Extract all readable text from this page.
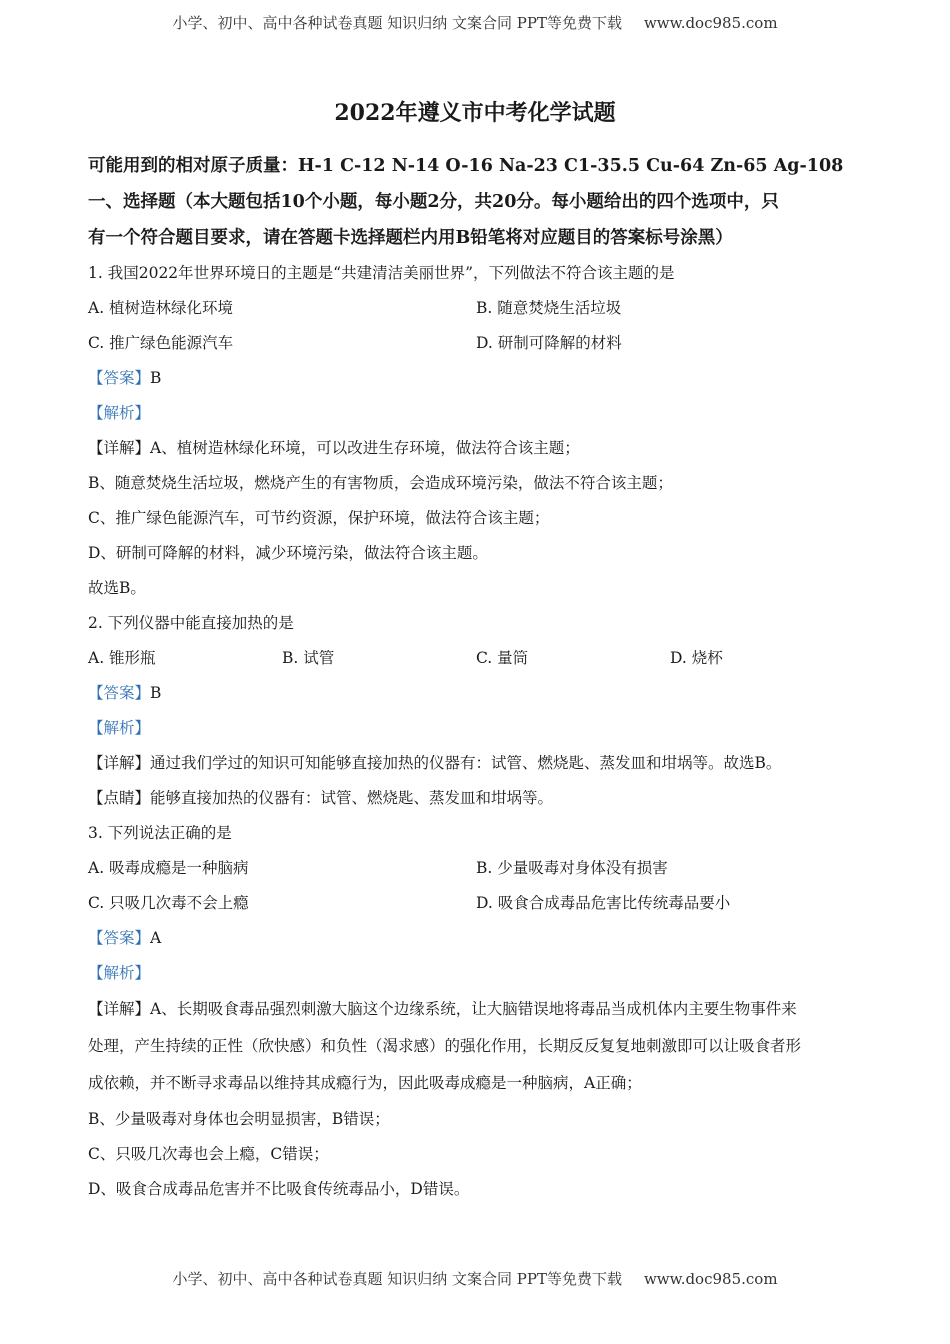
小学、初中、高中各种试卷真题 知识归纳 文案合同 PPT等免费下载 www.doc985.com
2022年遵义市中考化学试题
可能用到的相对原子质量：H-1 C-12 N-14 O-16 Na-23 C1-35.5 Cu-64 Zn-65 Ag-108
一、选择题（本大题包括10个小题，每小题2分，共20分。每小题给出的四个选项中，只
有一个符合题目要求，请在答题卡选择题栏内用B铅笔将对应题目的答案标号涂黑）
1. 我国2022年世界环境日的主题是“共建清洁美丽世界”，下列做法不符合该主题的是
A. 植树造林绿化环境	B. 随意焚烧生活垃圾
C. 推广绿色能源汽车	D. 研制可降解的材料
【答案】B
【解析】
【详解】A、植树造林绿化环境，可以改进生存环境，做法符合该主题；
B、随意焚烧生活垃圾，燃烧产生的有害物质，会造成环境污染，做法不符合该主题；
C、推广绿色能源汽车，可节约资源，保护环境，做法符合该主题；
D、研制可降解的材料，减少环境污染，做法符合该主题。
故选B。
2. 下列仪器中能直接加热的是
A. 锥形瓶	B. 试管	C. 量筒	D. 烧杯
【答案】B
【解析】
【详解】通过我们学过的知识可知能够直接加热的仪器有：试管、燃烧匙、蒸发皿和坩埚等。故选B。
【点睛】能够直接加热的仪器有：试管、燃烧匙、蒸发皿和坩埚等。
3. 下列说法正确的是
A. 吸毒成瘾是一种脑病	B. 少量吸毒对身体没有损害
C. 只吸几次毒不会上瘾	D. 吸食合成毒品危害比传统毒品要小
【答案】A
【解析】
【详解】A、长期吸食毒品强烈刺激大脑这个边缘系统，让大脑错误地将毒品当成机体内主要生物事件来
处理，产生持续的正性（欣快感）和负性（渴求感）的强化作用，长期反反复复地刺激即可以让吸食者形
成依赖，并不断寻求毒品以维持其成瘾行为，因此吸毒成瘾是一种脑病，A正确；
B、少量吸毒对身体也会明显损害，B错误；
C、只吸几次毒也会上瘾，C错误；
D、吸食合成毒品危害并不比吸食传统毒品小，D错误。
小学、初中、高中各种试卷真题 知识归纳 文案合同 PPT等免费下载 www.doc985.com
